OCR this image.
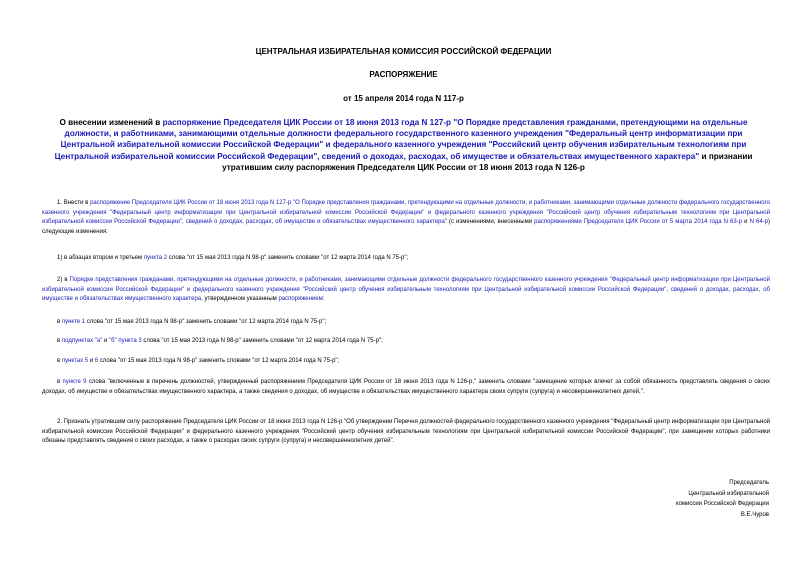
ЦЕНТРАЛЬНАЯ ИЗБИРАТЕЛЬНАЯ КОМИССИЯ РОССИЙСКОЙ ФЕДЕРАЦИИ
РАСПОРЯЖЕНИЕ
от 15 апреля 2014 года N 117-р
О внесении изменений в распоряжение Председателя ЦИК России от 18 июня 2013 года N 127-р "О Порядке представления гражданами, претендующими на отдельные должности, и работниками, занимающими отдельные должности федерального государственного казенного учреждения "Федеральный центр информатизации при Центральной избирательной комиссии Российской Федерации" и федерального казенного учреждения "Российский центр обучения избирательным технологиям при Центральной избирательной комиссии Российской Федерации", сведений о доходах, расходах, об имуществе и обязательствах имущественного характера" и признании утратившим силу распоряжения Председателя ЦИК России от 18 июня 2013 года N 126-р
1. Внести в распоряжение Председателя ЦИК России от 18 июня 2013 года N 127-р "О Порядке представления гражданами, претендующими на отдельные должности, и работниками, занимающими отдельные должности федерального государственного казенного учреждения "Федеральный центр информатизации при Центральной избирательной комиссии Российской Федерации" и федерального казенного учреждения "Российский центр обучения избирательным технологиям при Центральной избирательной комиссии Российской Федерации", сведений о доходах, расходах, об имуществе и обязательствах имущественного характера" (с изменениями, внесенными распоряжениями Председателя ЦИК России от 5 марта 2014 года N 63-р и N 64-р) следующие изменения:
1) в абзацах втором и третьем пункта 2 слова "от 15 мая 2013 года N 98-р" заменить словами "от 12 марта 2014 года N 75-р";
2) в Порядке представления гражданами, претендующими на отдельные должности, и работниками, занимающими отдельные должности федерального государственного казенного учреждения "Федеральный центр информатизации при Центральной избирательной комиссии Российской Федерации" и федерального казенного учреждения "Российский центр обучения избирательным технологиям при Центральной избирательной комиссии Российской Федерации", сведений о доходах, расходах, об имуществе и обязательствах имущественного характера, утвержденном указанным распоряжением:
в пункте 1 слова "от 15 мая 2013 года N 98-р" заменить словами "от 12 марта 2014 года N 75-р";
в подпунктах "а" и "б" пункта 3 слова "от 15 мая 2013 года N 98-р" заменить словами "от 12 марта 2014 года N 75-р";
в пунктах 5 и 6 слова "от 15 мая 2013 года N 98-р" заменить словами "от 12 марта 2014 года N 75-р";
в пункте 9 слова "включенные в перечень должностей, утвержденный распоряжением Председателя ЦИК России от 18 июня 2013 года N 126-р," заменить словами "замещение которых влечет за собой обязанность представлять сведения о своих доходах, об имуществе и обязательствах имущественного характера, а также сведения о доходах, об имуществе и обязательствах имущественного характера своих супруги (супруга) и несовершеннолетних детей,".
2. Признать утратившим силу распоряжение Председателя ЦИК России от 18 июня 2013 года N 126-р "Об утверждении Перечня должностей федерального государственного казенного учреждения "Федеральный центр информатизации при Центральной избирательной комиссии Российской Федерации" и федерального казенного учреждения "Российский центр обучения избирательным технологиям при Центральной избирательной комиссии Российской Федерации", при замещении которых работники обязаны представлять сведения о своих расходах, а также о расходах своих супруги (супруга) и несовершеннолетних детей".
Председатель
Центральной избирательной
комиссии Российской Федерации
В.Е.Чуров
